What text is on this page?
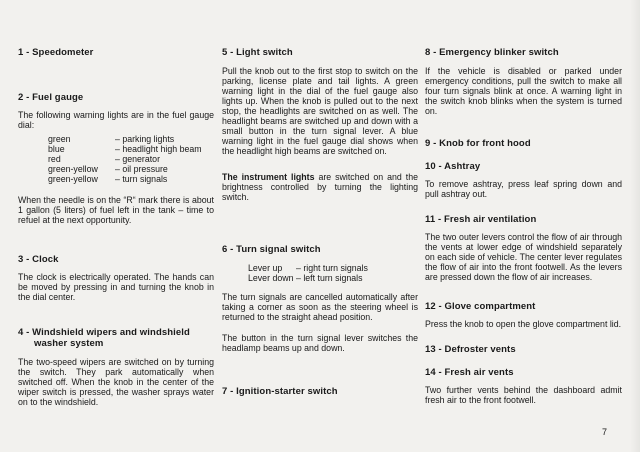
1 - Speedometer
2 - Fuel gauge

The following warning lights are in the fuel gauge dial:

green	– parking lights
blue	– headlight high beam
red	– generator
green-yellow	– oil pressure
green-yellow	– turn signals

When the needle is on the “R“ mark there is about 1 gallon (5 liters) of fuel left in the tank – time to refuel at the next opportunity.

3 - Clock

The clock is electrically operated. The hands can be moved by pressing in and turning the knob in the dial center.

4 - Windshield wipers and windshield washer system

The two-speed wipers are switched on by turning the switch. They park automatically when switched off. When the knob in the center of the wiper switch is pressed, the washer sprays water on to the windshield.

5 - Light switch

Pull the knob out to the first stop to switch on the parking, license plate and tail lights. A green warning light in the dial of the fuel gauge also lights up. When the knob is pulled out to the next stop, the headlights are switched on as well. The headlight beams are switched up and down with a small button in the turn signal lever. A blue warning light in the fuel gauge dial shows when the headlight high beams are switched on.

The instrument lights are switched on and the brightness controlled by turning the lighting switch.

6 - Turn signal switch
Lever up	– right turn signals
Lever down – left turn signals

The turn signals are cancelled automatically after taking a corner as soon as the steering wheel is returned to the straight ahead position.

The button in the turn signal lever switches the headlamp beams up and down.

7 - Ignition-starter switch
8 - Emergency blinker switch

If the vehicle is disabled or parked under emergency conditions, pull the switch to make all four turn signals blink at once. A warning light in the switch knob blinks when the system is turned on.

9 - Knob for front hood
10 - Ashtray

To remove ashtray, press leaf spring down and pull ashtray out.

11 - Fresh air ventilation

The two outer levers control the flow of air through the vents at lower edge of windshield separately on each side of vehicle. The center lever regulates the flow of air into the front footwell. As the levers are pressed down the flow of air increases.

12 - Glove compartment

Press the knob to open the glove compartment lid.

13 - Defroster vents
14 - Fresh air vents

Two further vents behind the dashboard admit fresh air to the front footwell.

7
